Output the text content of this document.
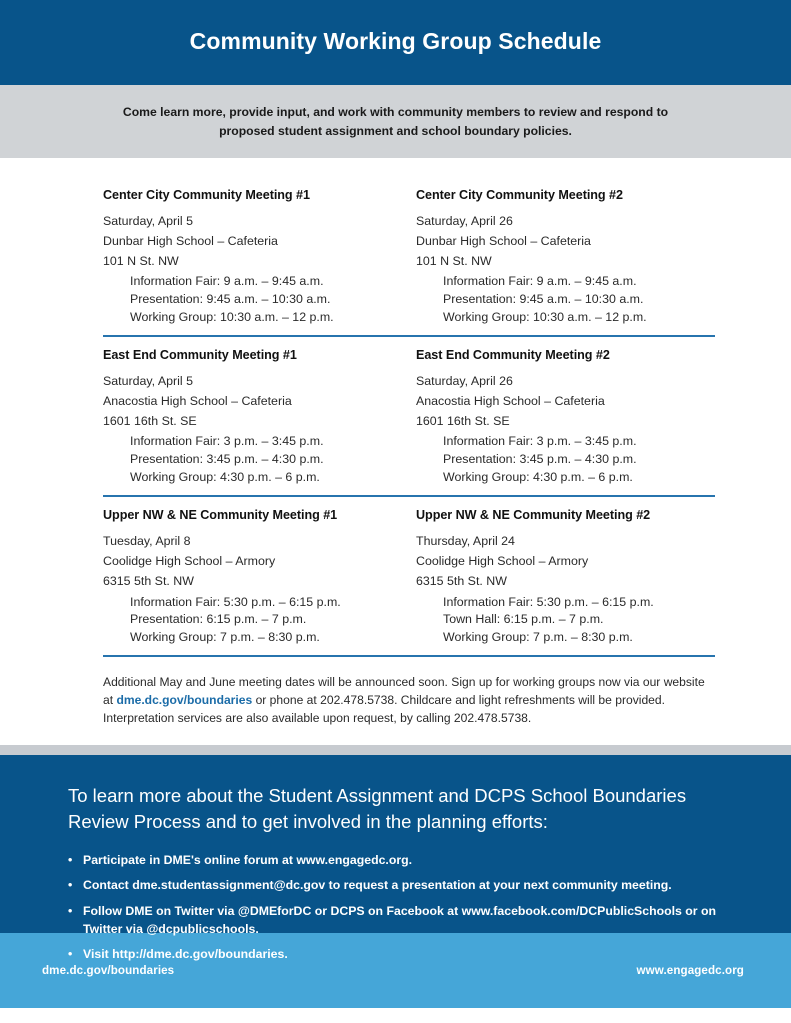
Community Working Group Schedule

Come learn more, provide input, and work with community members to review and respond to proposed student assignment and school boundary policies.

Center City Community Meeting #1
Saturday, April 5
Dunbar High School – Cafeteria
101 N St. NW
Information Fair: 9 a.m. – 9:45 a.m.
Presentation: 9:45 a.m. – 10:30 a.m.
Working Group: 10:30 a.m. – 12 p.m.
Center City Community Meeting #2
Saturday, April 26
Dunbar High School – Cafeteria
101 N St. NW
Information Fair: 9 a.m. – 9:45 a.m.
Presentation: 9:45 a.m. – 10:30 a.m.
Working Group: 10:30 a.m. – 12 p.m.
East End Community Meeting #1
Saturday, April 5
Anacostia High School – Cafeteria
1601 16th St. SE
Information Fair: 3 p.m. – 3:45 p.m.
Presentation: 3:45 p.m. – 4:30 p.m.
Working Group: 4:30 p.m. – 6 p.m.
East End Community Meeting #2
Saturday, April 26
Anacostia High School – Cafeteria
1601 16th St. SE
Information Fair: 3 p.m. – 3:45 p.m.
Presentation: 3:45 p.m. – 4:30 p.m.
Working Group: 4:30 p.m. – 6 p.m.
Upper NW & NE Community Meeting #1
Tuesday, April 8
Coolidge High School – Armory
6315 5th St. NW
Information Fair: 5:30 p.m. – 6:15 p.m.
Presentation: 6:15 p.m. – 7 p.m.
Working Group: 7 p.m. – 8:30 p.m.
Upper NW & NE Community Meeting #2
Thursday, April 24
Coolidge High School – Armory
6315 5th St. NW
Information Fair: 5:30 p.m. – 6:15 p.m.
Town Hall: 6:15 p.m. – 7 p.m.
Working Group: 7 p.m. – 8:30 p.m.
Additional May and June meeting dates will be announced soon. Sign up for working groups now via our website at dme.dc.gov/boundaries or phone at 202.478.5738. Childcare and light refreshments will be provided. Interpretation services are also available upon request, by calling 202.478.5738.
To learn more about the Student Assignment and DCPS School Boundaries Review Process and to get involved in the planning efforts:
• Participate in DME's online forum at www.engagedc.org.
• Contact dme.studentassignment@dc.gov to request a presentation at your next community meeting.
• Follow DME on Twitter via @DMEforDC or DCPS on Facebook at www.facebook.com/DCPublicSchools or on Twitter via @dcpublicschools.
• Visit http://dme.dc.gov/boundaries.
dme.dc.gov/boundaries	www.engagedc.org
